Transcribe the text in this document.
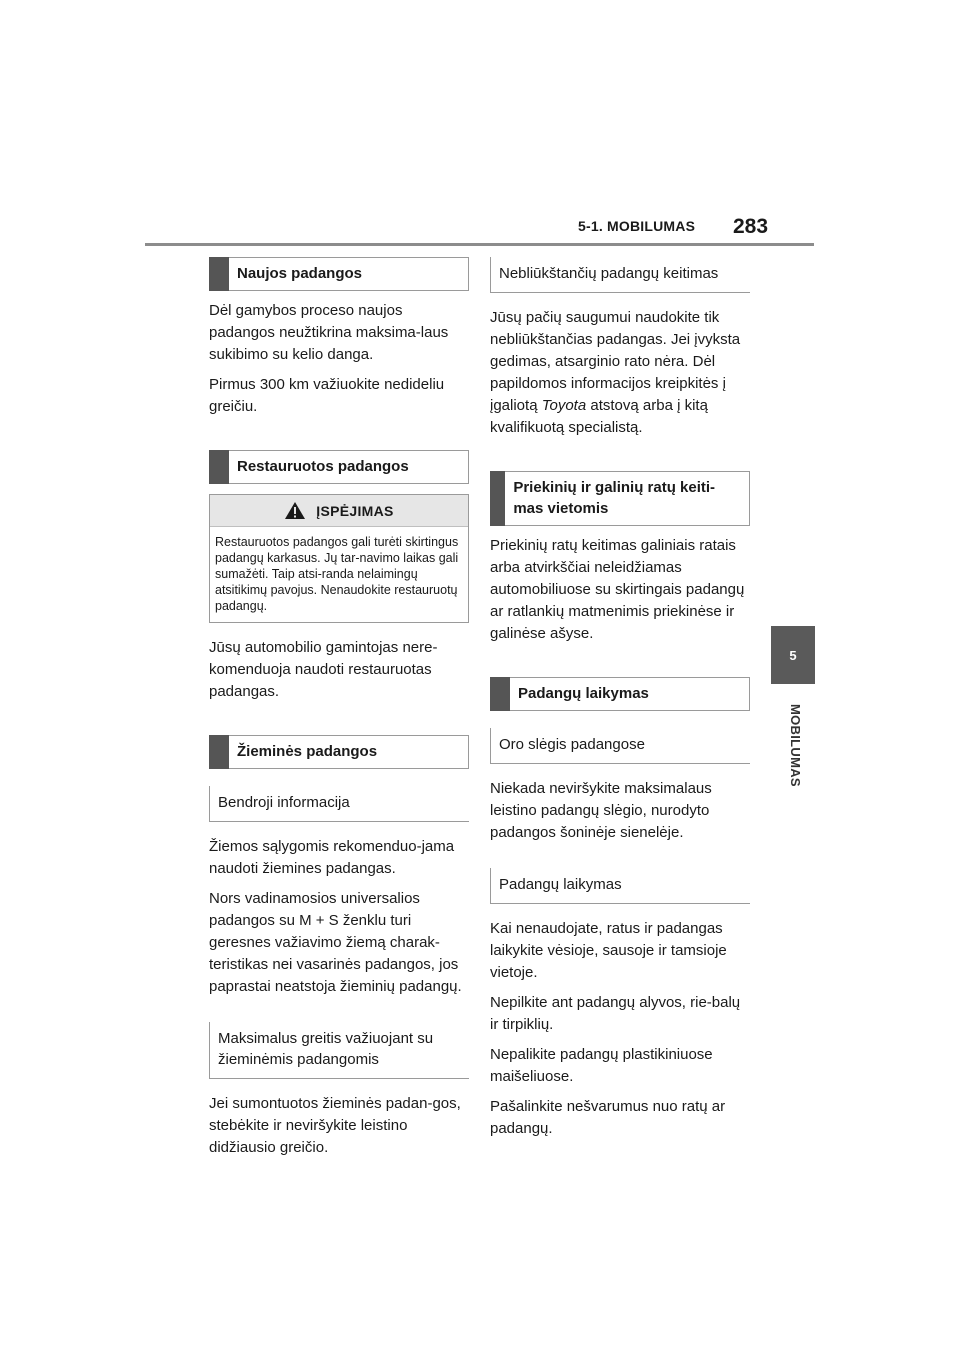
5-1. MOBILUMAS 283
5
MOBILUMAS
Naujos padangos

Dėl gamybos proceso naujos padangos neužtikrina maksima-laus sukibimo su kelio danga.

Pirmus 300 km važiuokite nedideliu greičiu.

Restauruotos padangos
ĮSPĖJIMAS
Restauruotos padangos gali turėti skirtingus padangų karkasus. Jų tar-navimo laikas gali sumažėti. Taip atsi-randa nelaimingų atsitikimų pavojus. Nenaudokite restauruotų padangų.

Jūsų automobilio gamintojas nere-komenduoja naudoti restauruotas padangas.

Žieminės padangos
Bendroji informacija

Žiemos sąlygomis rekomenduo-jama naudoti žiemines padangas.

Nors vadinamosios universalios padangos su M + S ženklu turi geresnes važiavimo žiemą charak-teristikas nei vasarinės padangos, jos paprastai neatstoja žieminių padangų.

Maksimalus greitis važiuojant su žieminėmis padangomis

Jei sumontuotos žieminės padan-gos, stebėkite ir neviršykite leistino didžiausio greičio.

Nebliūkštančių padangų keitimas

Jūsų pačių saugumui naudokite tik nebliūkštančias padangas. Jei įvyksta gedimas, atsarginio rato nėra. Dėl papildomos informacijos kreipkitės į įgaliotą Toyota atstovą arba į kitą kvalifikuotą specialistą.

Priekinių ir galinių ratų keiti-mas vietomis

Priekinių ratų keitimas galiniais ratais arba atvirkščiai neleidžiamas automobiliuose su skirtingais padangų ar ratlankių matmenimis priekinėse ir galinėse ašyse.

Padangų laikymas
Oro slėgis padangose

Niekada neviršykite maksimalaus leistino padangų slėgio, nurodyto padangos šoninėje sienelėje.

Padangų laikymas

Kai nenaudojate, ratus ir padangas laikykite vėsioje, sausoje ir tamsioje vietoje.

Nepilkite ant padangų alyvos, rie-balų ir tirpiklių.

Nepalikite padangų plastikiniuose maišeliuose.

Pašalinkite nešvarumus nuo ratų ar padangų.
